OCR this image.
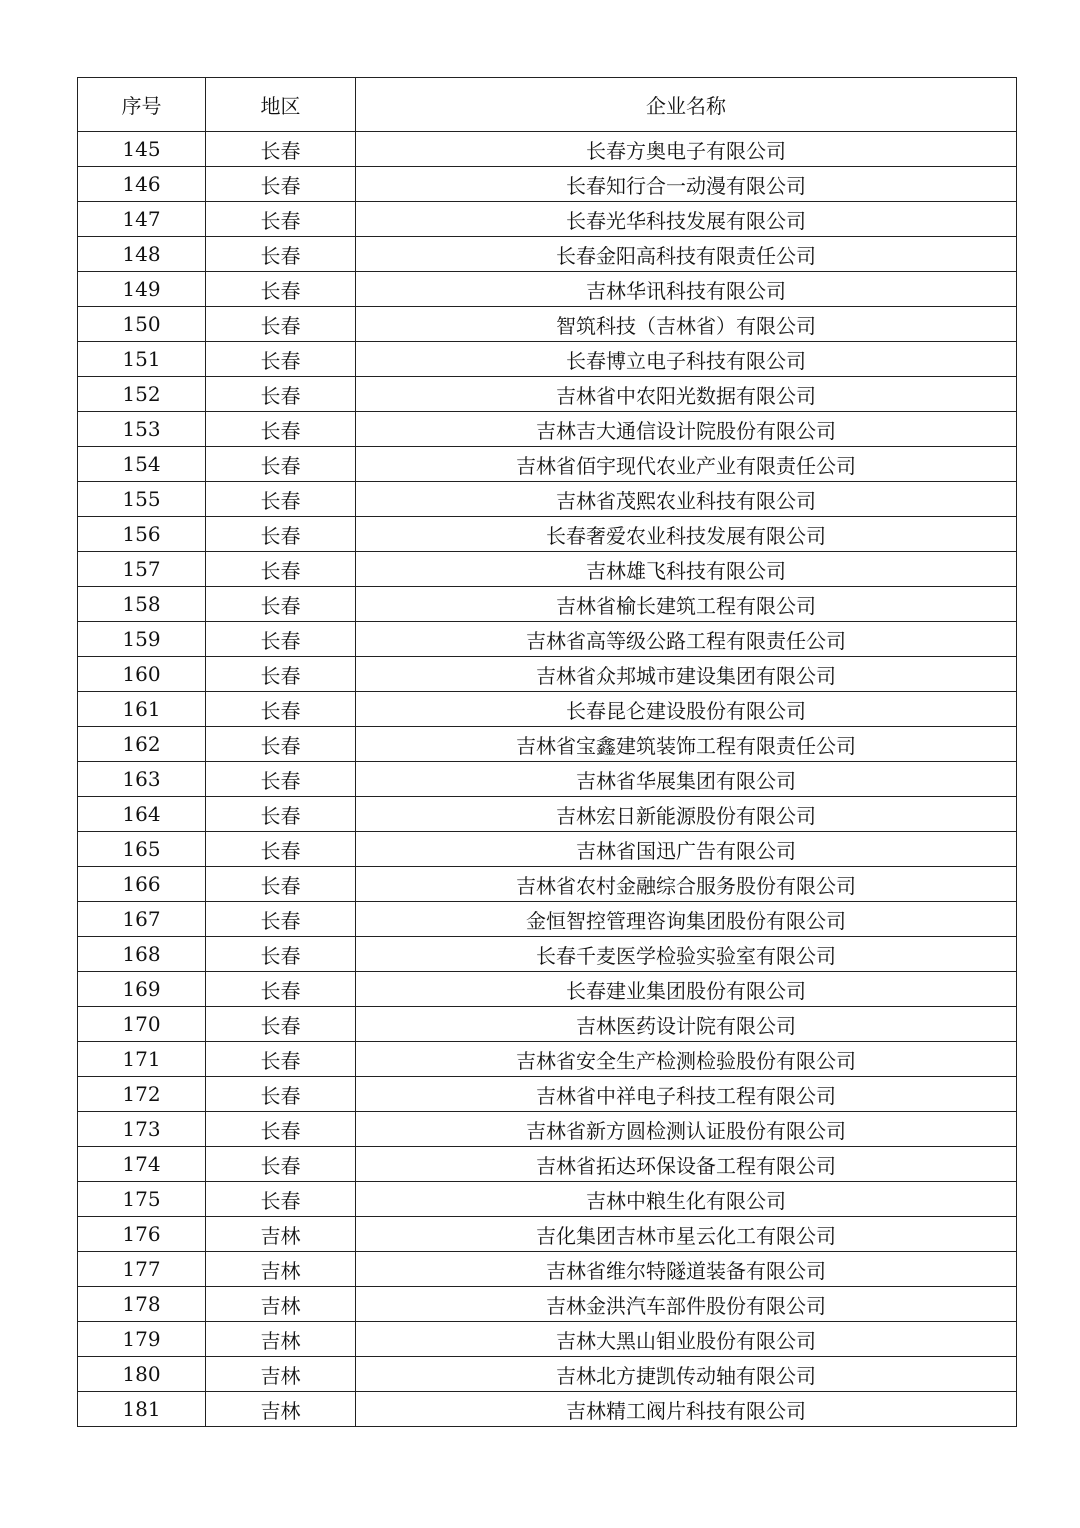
序号	地区	企业名称
145	长春	长春方奥电子有限公司
146	长春	长春知行合一动漫有限公司
147	长春	长春光华科技发展有限公司
148	长春	长春金阳高科技有限责任公司
149	长春	吉林华讯科技有限公司
150	长春	智筑科技（吉林省）有限公司
151	长春	长春博立电子科技有限公司
152	长春	吉林省中农阳光数据有限公司
153	长春	吉林吉大通信设计院股份有限公司
154	长春	吉林省佰宇现代农业产业有限责任公司
155	长春	吉林省茂熙农业科技有限公司
156	长春	长春奢爱农业科技发展有限公司
157	长春	吉林雄飞科技有限公司
158	长春	吉林省榆长建筑工程有限公司
159	长春	吉林省高等级公路工程有限责任公司
160	长春	吉林省众邦城市建设集团有限公司
161	长春	长春昆仑建设股份有限公司
162	长春	吉林省宝鑫建筑装饰工程有限责任公司
163	长春	吉林省华展集团有限公司
164	长春	吉林宏日新能源股份有限公司
165	长春	吉林省国迅广告有限公司
166	长春	吉林省农村金融综合服务股份有限公司
167	长春	金恒智控管理咨询集团股份有限公司
168	长春	长春千麦医学检验实验室有限公司
169	长春	长春建业集团股份有限公司
170	长春	吉林医药设计院有限公司
171	长春	吉林省安全生产检测检验股份有限公司
172	长春	吉林省中祥电子科技工程有限公司
173	长春	吉林省新方圆检测认证股份有限公司
174	长春	吉林省拓达环保设备工程有限公司
175	长春	吉林中粮生化有限公司
176	吉林	吉化集团吉林市星云化工有限公司
177	吉林	吉林省维尔特隧道装备有限公司
178	吉林	吉林金洪汽车部件股份有限公司
179	吉林	吉林大黑山钼业股份有限公司
180	吉林	吉林北方捷凯传动轴有限公司
181	吉林	吉林精工阀片科技有限公司
